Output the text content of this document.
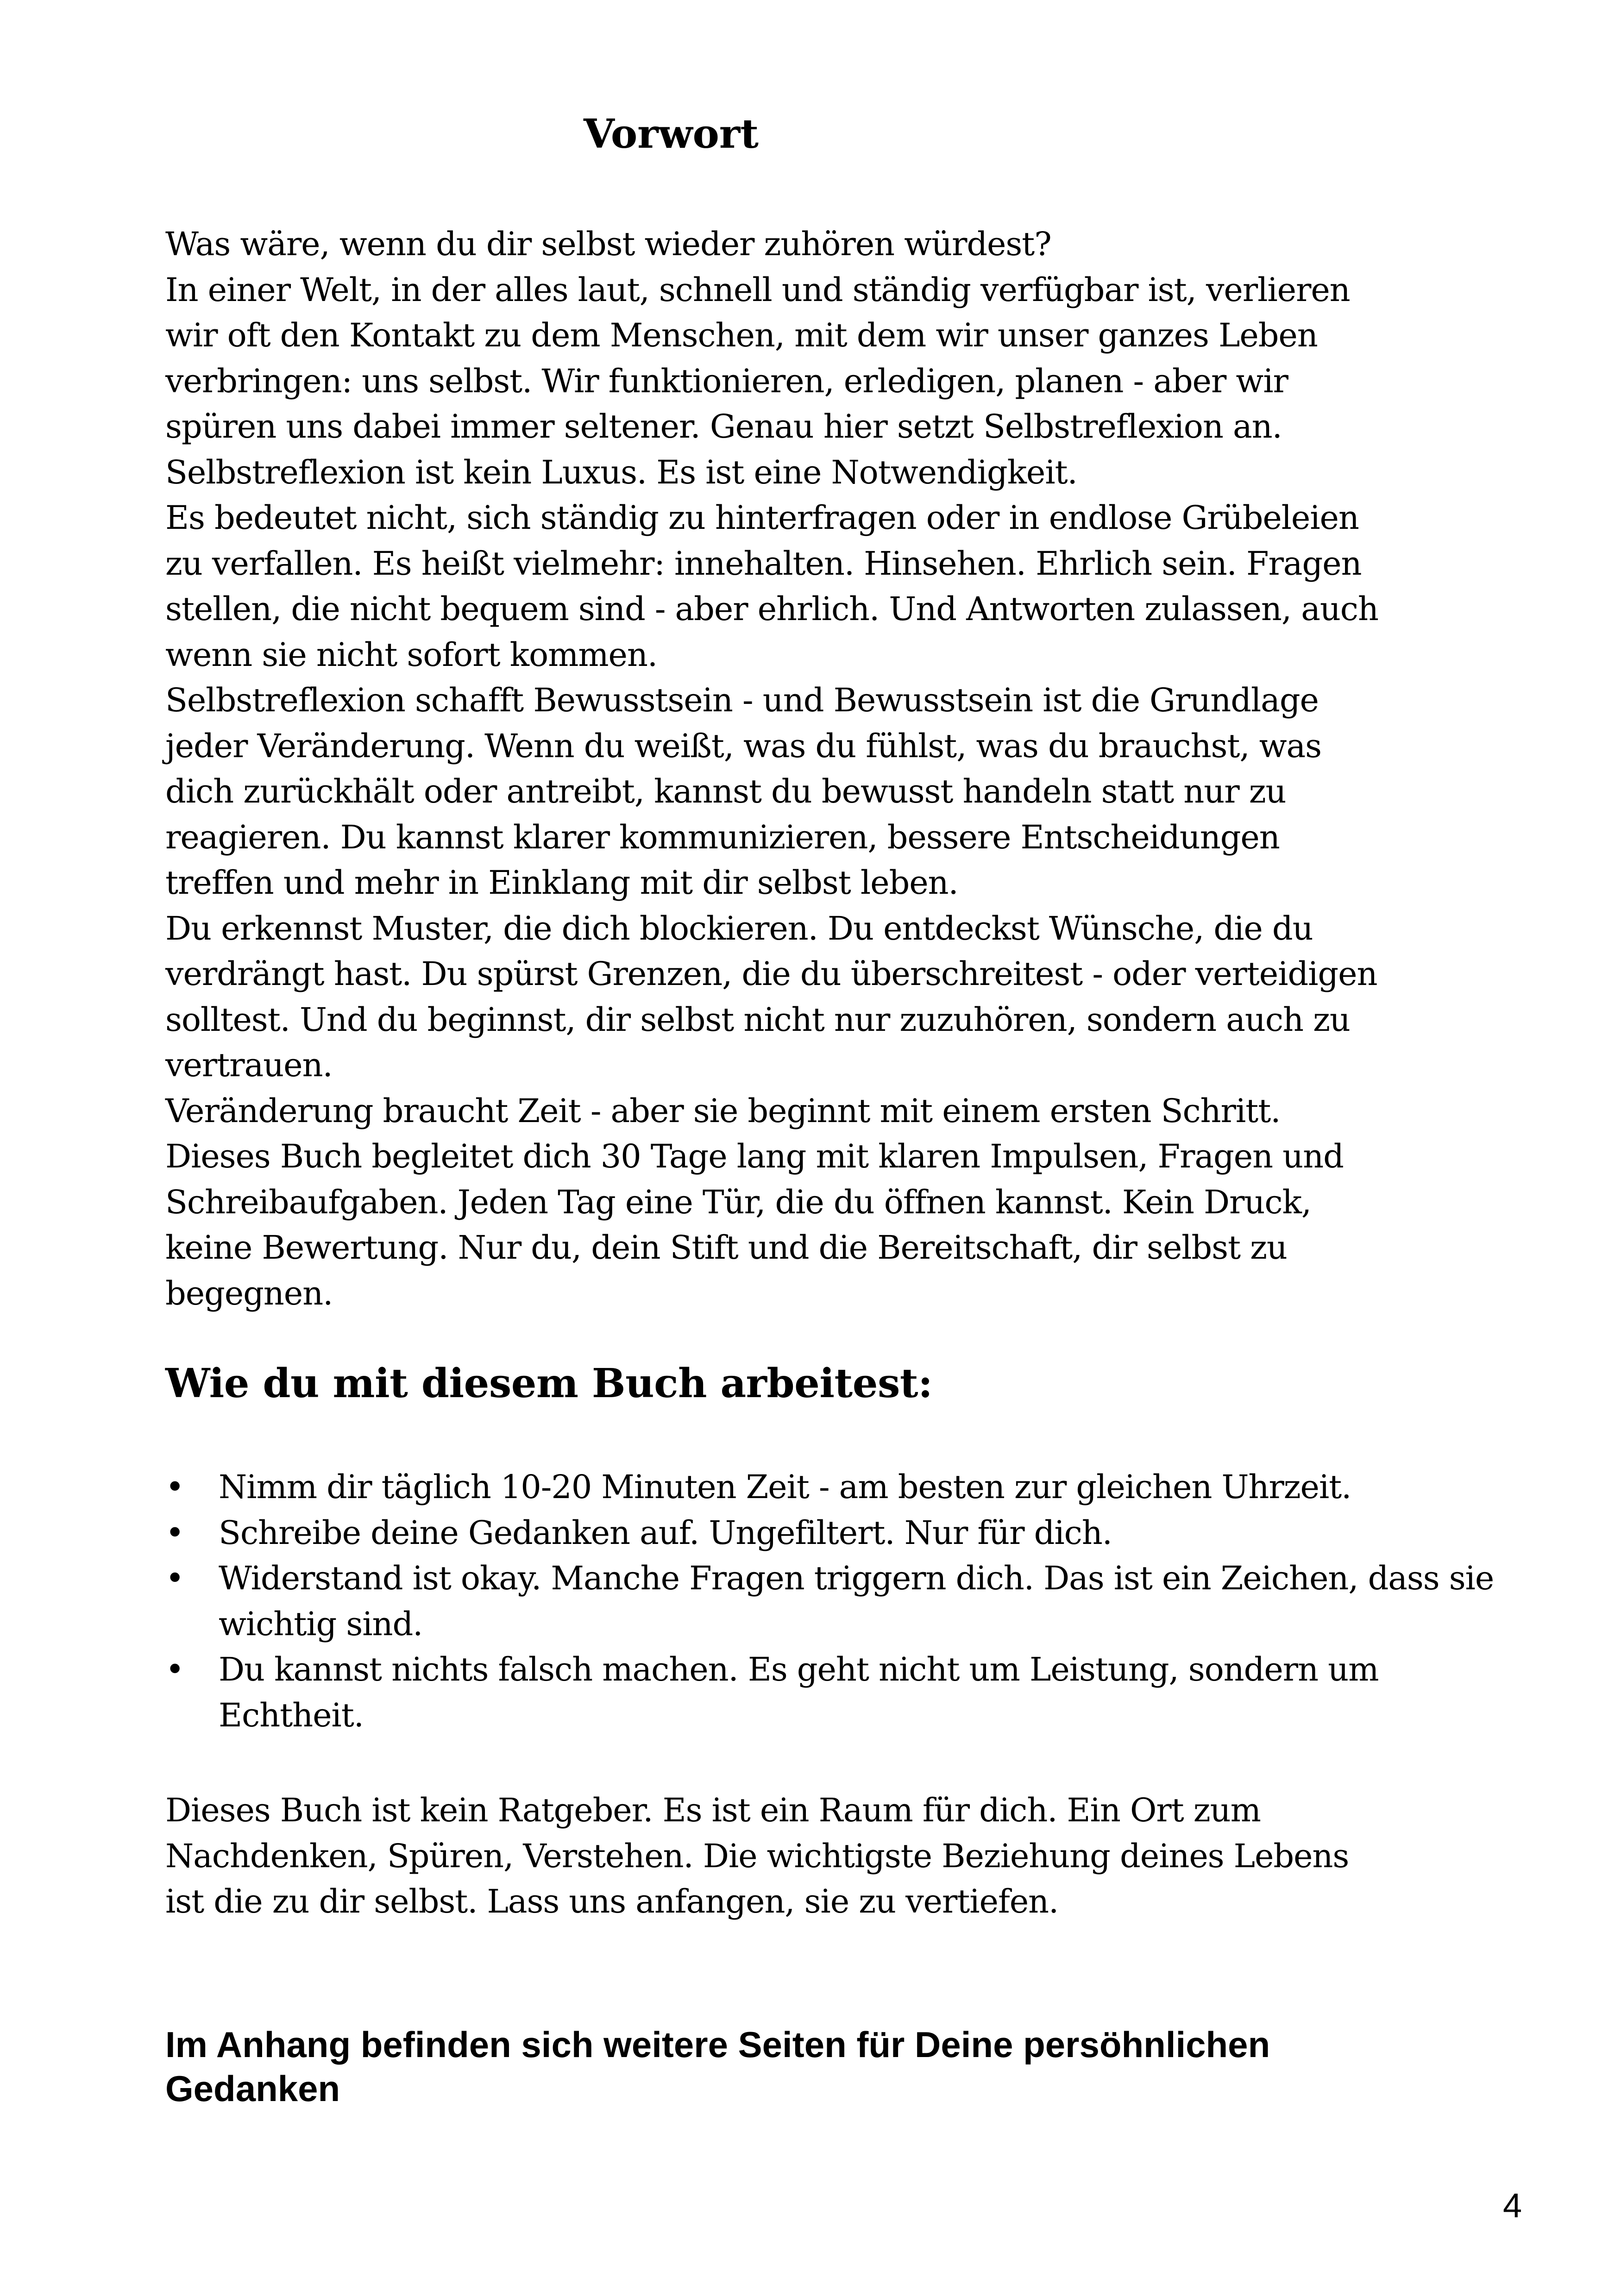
Vorwort
Was wäre, wenn du dir selbst wieder zuhören würdest?
In einer Welt, in der alles laut, schnell und ständig verfügbar ist, verlieren
wir oft den Kontakt zu dem Menschen, mit dem wir unser ganzes Leben
verbringen: uns selbst. Wir funktionieren, erledigen, planen - aber wir
spüren uns dabei immer seltener. Genau hier setzt Selbstreflexion an.
Selbstreflexion ist kein Luxus. Es ist eine Notwendigkeit.
Es bedeutet nicht, sich ständig zu hinterfragen oder in endlose Grübeleien
zu verfallen. Es heißt vielmehr: innehalten. Hinsehen. Ehrlich sein. Fragen
stellen, die nicht bequem sind - aber ehrlich. Und Antworten zulassen, auch
wenn sie nicht sofort kommen.
Selbstreflexion schafft Bewusstsein - und Bewusstsein ist die Grundlage
jeder Veränderung. Wenn du weißt, was du fühlst, was du brauchst, was
dich zurückhält oder antreibt, kannst du bewusst handeln statt nur zu
reagieren. Du kannst klarer kommunizieren, bessere Entscheidungen
treffen und mehr in Einklang mit dir selbst leben.
Du erkennst Muster, die dich blockieren. Du entdeckst Wünsche, die du
verdrängt hast. Du spürst Grenzen, die du überschreitest - oder verteidigen
solltest. Und du beginnst, dir selbst nicht nur zuzuhören, sondern auch zu
vertrauen.
Veränderung braucht Zeit - aber sie beginnt mit einem ersten Schritt.
Dieses Buch begleitet dich 30 Tage lang mit klaren Impulsen, Fragen und
Schreibaufgaben. Jeden Tag eine Tür, die du öffnen kannst. Kein Druck,
keine Bewertung. Nur du, dein Stift und die Bereitschaft, dir selbst zu
begegnen.
Wie du mit diesem Buch arbeitest:
• Nimm dir täglich 10-20 Minuten Zeit - am besten zur gleichen Uhrzeit.
• Schreibe deine Gedanken auf. Ungefiltert. Nur für dich.
• Widerstand ist okay. Manche Fragen triggern dich. Das ist ein Zeichen, dass sie
wichtig sind.
• Du kannst nichts falsch machen. Es geht nicht um Leistung, sondern um
Echtheit.
Dieses Buch ist kein Ratgeber. Es ist ein Raum für dich. Ein Ort zum
Nachdenken, Spüren, Verstehen. Die wichtigste Beziehung deines Lebens
ist die zu dir selbst. Lass uns anfangen, sie zu vertiefen.

Im Anhang befinden sich weitere Seiten für Deine persöhnlichen
Gedanken

4
